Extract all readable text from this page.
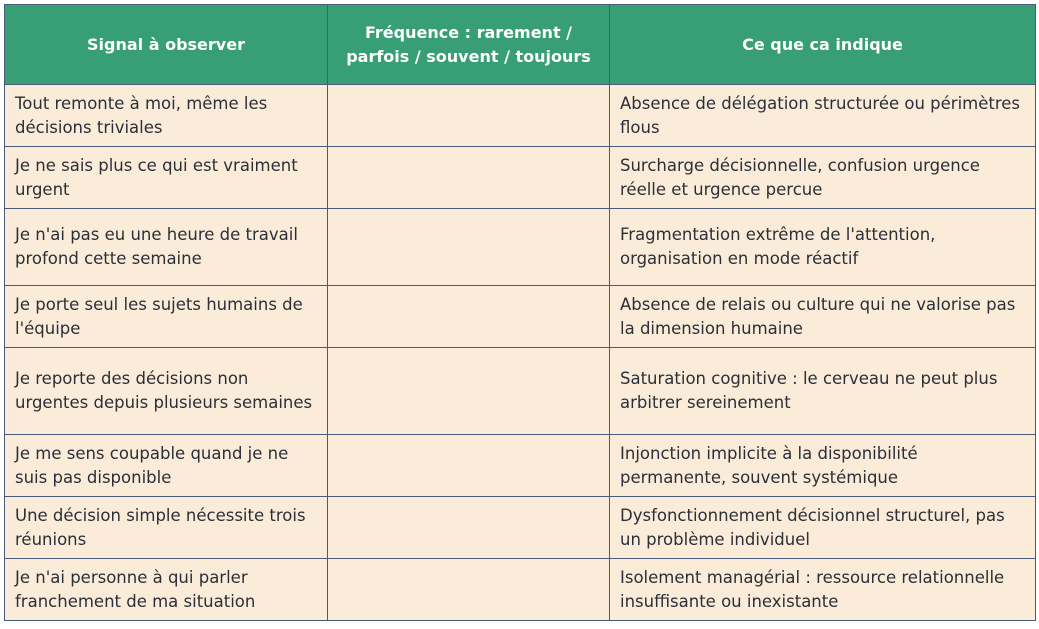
Signal à observer	Fréquence : rarement / parfois / souvent / toujours	Ce que ca indique
Tout remonte à moi, même les décisions triviales		Absence de délégation structurée ou périmètres flous
Je ne sais plus ce qui est vraiment urgent		Surcharge décisionnelle, confusion urgence réelle et urgence percue
Je n'ai pas eu une heure de travail profond cette semaine		Fragmentation extrême de l'attention, organisation en mode réactif
Je porte seul les sujets humains de l'équipe		Absence de relais ou culture qui ne valorise pas la dimension humaine
Je reporte des décisions non urgentes depuis plusieurs semaines		Saturation cognitive : le cerveau ne peut plus arbitrer sereinement
Je me sens coupable quand je ne suis pas disponible		Injonction implicite à la disponibilité permanente, souvent systémique
Une décision simple nécessite trois réunions		Dysfonctionnement décisionnel structurel, pas un problème individuel
Je n'ai personne à qui parler franchement de ma situation		Isolement managérial : ressource relationnelle insuffisante ou inexistante
